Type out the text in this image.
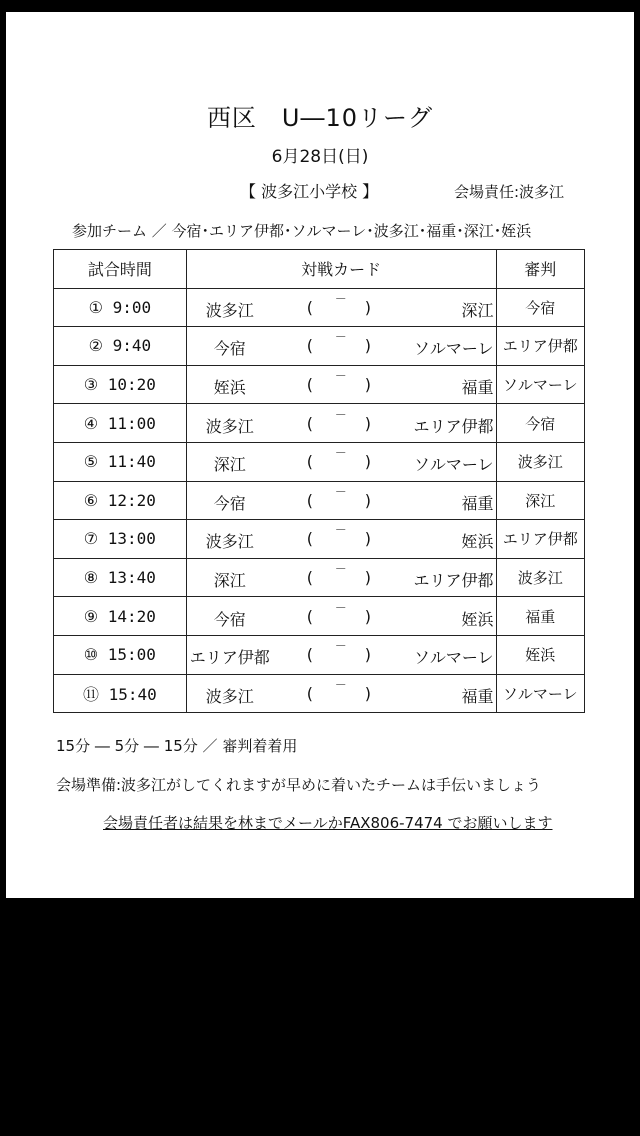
西区　U―10リーグ
6月28日(日)
【 波多江小学校 】	会場責任:波多江
参加チーム ／ 今宿･エリア伊都･ソルマーレ･波多江･福重･深江･姪浜
試合時間	対戦カード	審判
① 9:00	波多江 ( － ) 深江	今宿
② 9:40	今宿 ( － ) ソルマーレ	エリア伊都
③ 10:20	姪浜 ( － ) 福重	ソルマーレ
④ 11:00	波多江 ( － ) エリア伊都	今宿
⑤ 11:40	深江 ( － ) ソルマーレ	波多江
⑥ 12:20	今宿 ( － ) 福重	深江
⑦ 13:00	波多江 ( － ) 姪浜	エリア伊都
⑧ 13:40	深江 ( － ) エリア伊都	波多江
⑨ 14:20	今宿 ( － ) 姪浜	福重
⑩ 15:00	エリア伊都 ( － ) ソルマーレ	姪浜
⑪ 15:40	波多江 ( － ) 福重	ソルマーレ
15分 ― 5分 ― 15分 ／ 審判着着用
会場準備:波多江がしてくれますが早めに着いたチームは手伝いましょう
会場責任者は結果を林までメールかFAX806-7474 でお願いします
